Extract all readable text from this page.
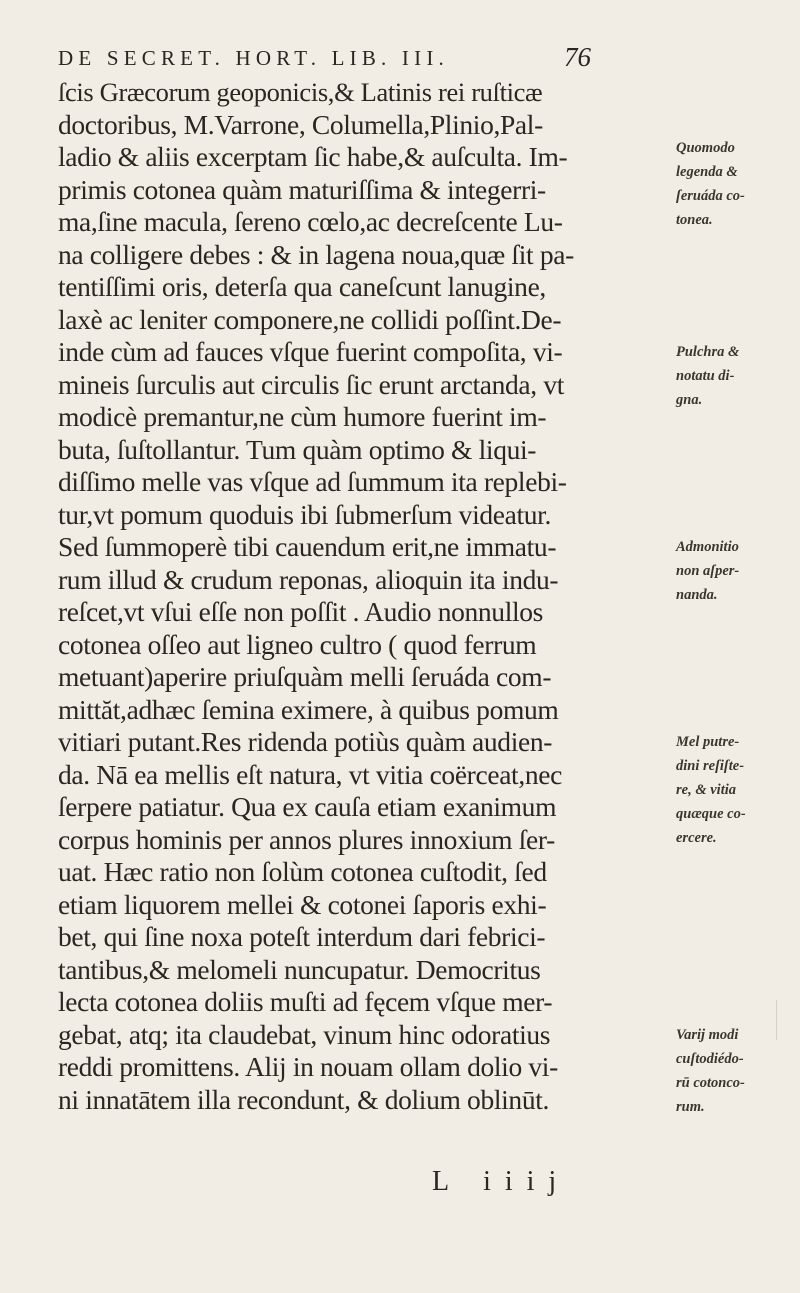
DE SECRET. HORT. LIB. III.	76
ſcis Græcorum geoponicis,& Latinis rei ruſticæ
doctoribus, M.Varrone, Columella,Plinio,Pal-
ladio & aliis excerptam ſic habe,& auſculta. Im-
primis cotonea quàm maturiſſima & integerri-
ma,ſine macula, ſereno cœlo,ac decreſcente Lu-
na colligere debes : & in lagena noua,quæ ſit pa-
tentiſſimi oris, deterſa qua caneſcunt lanugine,
laxè ac leniter componere,ne collidi poſſint.De-
inde cùm ad fauces vſque fuerint compoſita, vi-
mineis ſurculis aut circulis ſic erunt arctanda, vt
modicè premantur,ne cùm humore fuerint im-
buta, ſuſtollantur. Tum quàm optimo & liqui-
diſſimo melle vas vſque ad ſummum ita replebi-
tur,vt pomum quoduis ibi ſubmerſum videatur.
Sed ſummoperè tibi cauendum erit,ne immatu-
rum illud & crudum reponas, alioquin ita indu-
reſcet,vt vſui eſſe non poſſit . Audio nonnullos
cotonea oſſeo aut ligneo cultro ( quod ferrum
metuant)aperire priuſquàm melli ſeruáda com-
mittăt,adhæc ſemina eximere, à quibus pomum
vitiari putant.Res ridenda potiùs quàm audien-
da. Nā ea mellis eſt natura, vt vitia coërceat,nec
ſerpere patiatur. Qua ex cauſa etiam exanimum
corpus hominis per annos plures innoxium ſer-
uat. Hæc ratio non ſolùm cotonea cuſtodit, ſed
etiam liquorem mellei & cotonei ſaporis exhi-
bet, qui ſine noxa poteſt interdum dari febrici-
tantibus,& melomeli nuncupatur. Democritus
lecta cotonea doliis muſti ad fęcem vſque mer-
gebat, atq; ita claudebat, vinum hinc odoratius
reddi promittens. Alij in nouam ollam dolio vi-
ni innatātem illa recondunt, & dolium oblinūt.
Quomodo
legenda &
ſeruáda co-
tonea.
Pulchra &
notatu di-
gna.
Admonitio
non aſper-
nanda.
Mel putre-
dini reſiſte-
re, & vitia
quæque co-
ercere.
Varij modi
cuſtodiédo-
rū cotonco-
rum.
L iiij
